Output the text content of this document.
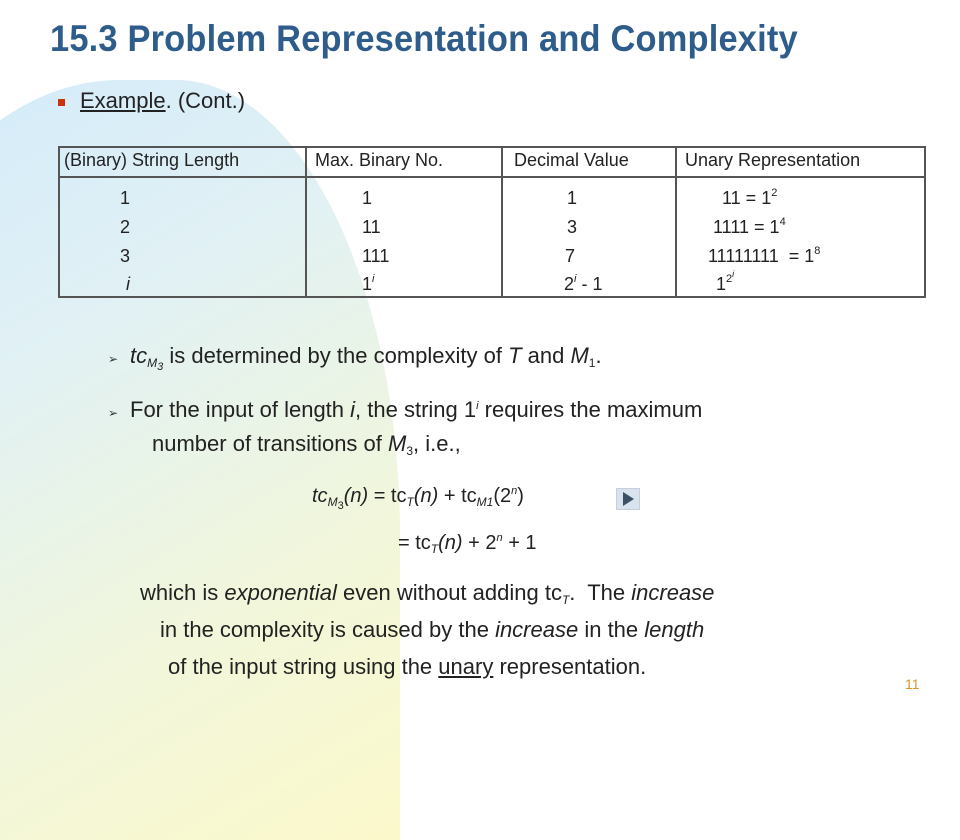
15.3 Problem Representation and Complexity
Example. (Cont.)
(Binary) String Length	Max. Binary No.	Decimal Value	Unary Representation
1	1	1	$11 = 1^2$
2	11	3	$1111 = 1^4$
3	111	7	$11111111 = 1^8$
i	1$^i$	2$^i$ - 1	$1^{2^i}$
➢ $tc_{M_3}$ is determined by the complexity of T and $M_1$.
➢ For the input of length i, the string 1$^i$ requires the maximum
number of transitions of $M_3$, i.e.,
$tc_{M_3}(n) = tc_T(n) + tc_{M1}(2^n)$
= $tc_T(n) + 2^n + 1$
which is exponential even without adding $tc_T$.  The increase
in the complexity is caused by the increase in the length
of the input string using the unary representation.
11
